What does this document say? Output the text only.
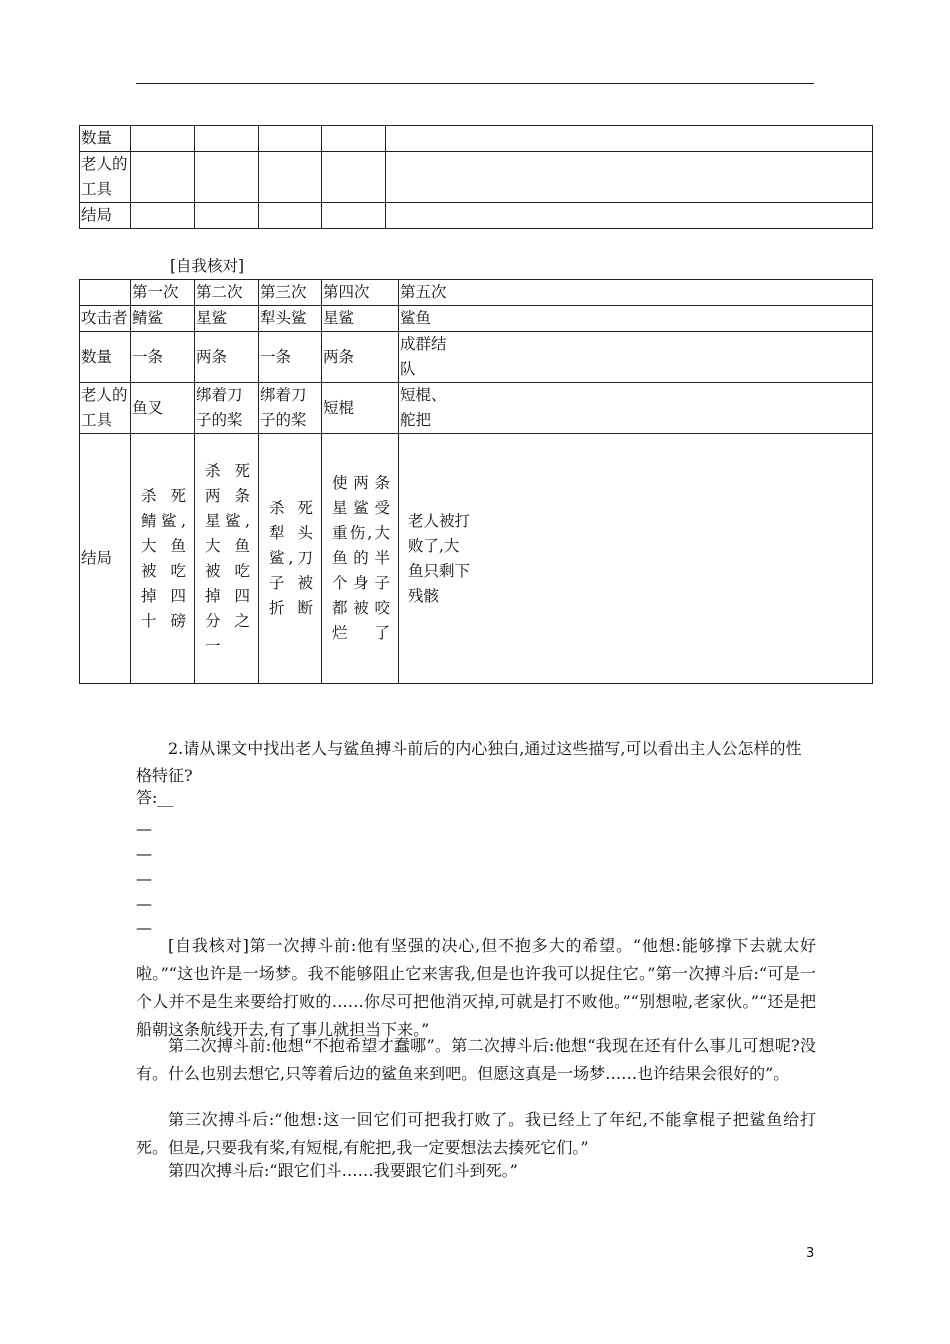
数量					
老人的工具					
结局					
[自我核对]
	第一次	第二次	第三次	第四次	第五次
攻击者	鲭鲨	星鲨	犁头鲨	星鲨	鲨鱼
数量	一条	两条	一条	两条	成群结队

老人的工具	鱼叉	绑着刀子的桨	绑着刀子的桨	短棍	短棍、舵把

结局	杀死鲭鲨,大鱼被吃掉四十磅	杀死两条星鲨,大鱼被吃掉四分之一	杀死犁头鲨,刀子被折断	使两条星鲨受重伤,大鱼的半个身子都被咬烂了	老人被打败了,大鱼只剩下残骸
2.请从课文中找出老人与鲨鱼搏斗前后的内心独白,通过这些描写,可以看出主人公怎样的性格特征?
答:__
—
—
—
—
—
[自我核对]第一次搏斗前:他有坚强的决心,但不抱多大的希望。“他想:能够撑下去就太好啦。”“这也许是一场梦。我不能够阻止它来害我,但是也许我可以捉住它。”第一次搏斗后:“可是一个人并不是生来要给打败的……你尽可把他消灭掉,可就是打不败他。”“别想啦,老家伙。”“还是把船朝这条航线开去,有了事儿就担当下来。”
第二次搏斗前:他想“不抱希望才蠢哪”。第二次搏斗后:他想“我现在还有什么事儿可想呢?没有。什么也别去想它,只等着后边的鲨鱼来到吧。但愿这真是一场梦……也许结果会很好的”。
第三次搏斗后:“他想:这一回它们可把我打败了。我已经上了年纪,不能拿棍子把鲨鱼给打死。但是,只要我有桨,有短棍,有舵把,我一定要想法去揍死它们。”
第四次搏斗后:“跟它们斗……我要跟它们斗到死。”
3
